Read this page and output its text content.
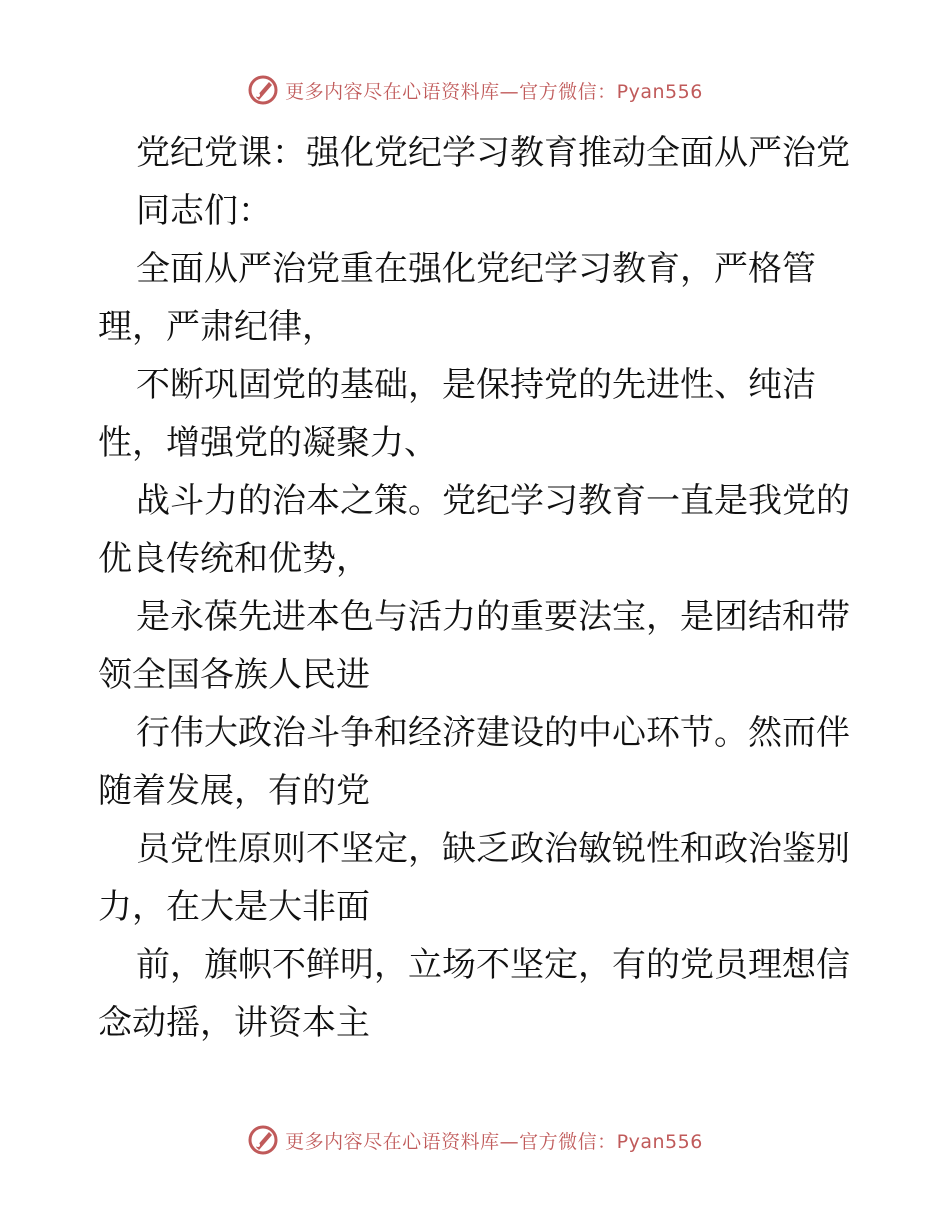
更多内容尽在心语资料库—官方微信：Pyan556
党纪党课：强化党纪学习教育推动全面从严治党
同志们：
全面从严治党重在强化党纪学习教育，严格管
理，严肃纪律，
不断巩固党的基础，是保持党的先进性、纯洁
性，增强党的凝聚力、
战斗力的治本之策。党纪学习教育一直是我党的
优良传统和优势，
是永葆先进本色与活力的重要法宝，是团结和带
领全国各族人民进
行伟大政治斗争和经济建设的中心环节。然而伴
随着发展，有的党
员党性原则不坚定，缺乏政治敏锐性和政治鉴别
力，在大是大非面
前，旗帜不鲜明，立场不坚定，有的党员理想信
念动摇，讲资本主
更多内容尽在心语资料库—官方微信：Pyan556
